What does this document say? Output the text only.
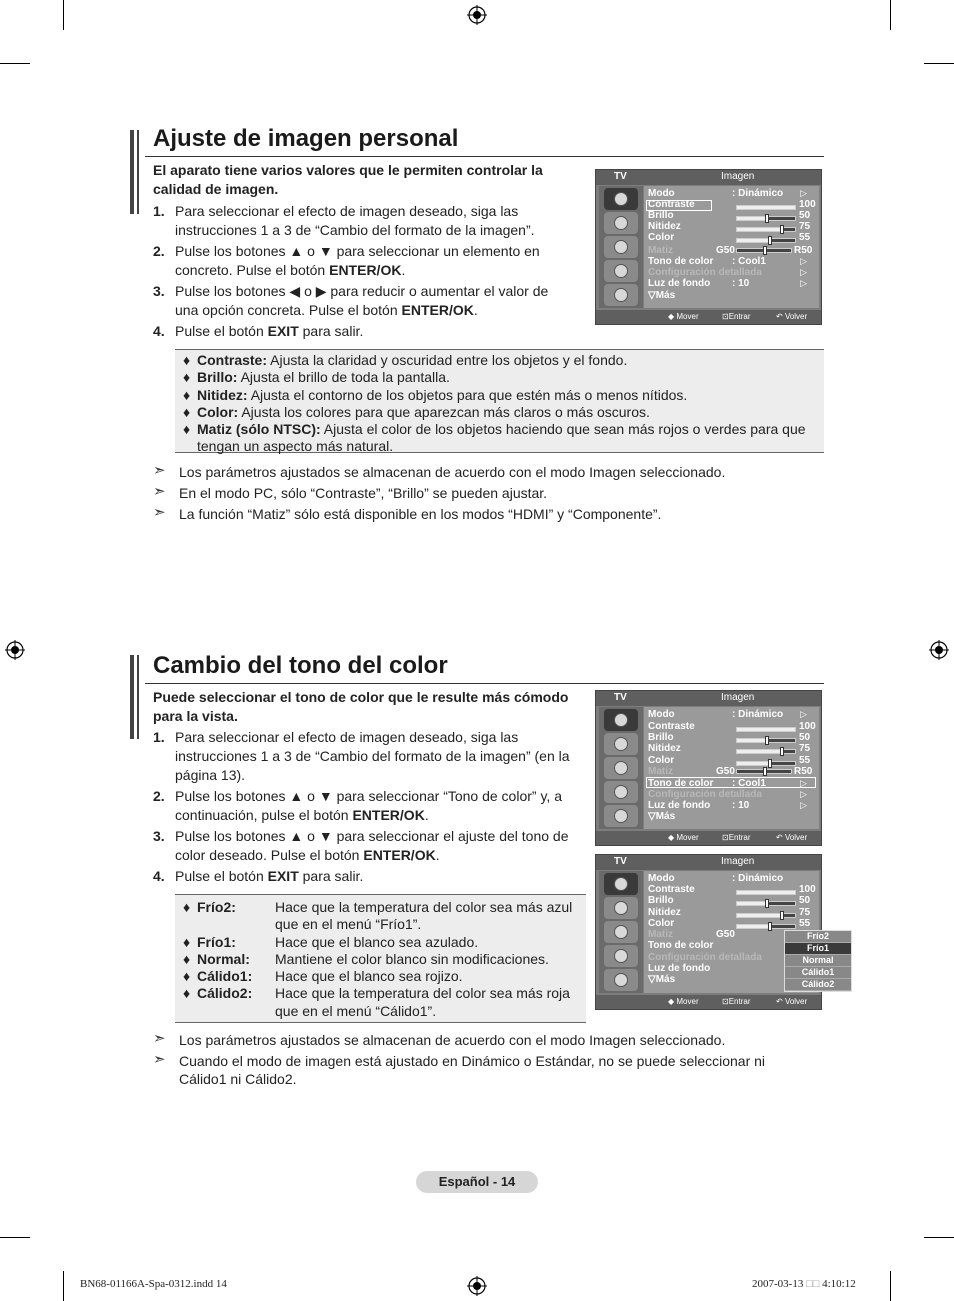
Ajuste de imagen personal
El aparato tiene varios valores que le permiten controlar la calidad de imagen.
1. Para seleccionar el efecto de imagen deseado, siga las instrucciones 1 a 3 de “Cambio del formato de la imagen”.
2. Pulse los botones ▲ o ▼ para seleccionar un elemento en concreto. Pulse el botón ENTER/OK.
3. Pulse los botones ◀ o ▶ para reducir o aumentar el valor de una opción concreta. Pulse el botón ENTER/OK.
4. Pulse el botón EXIT para salir.
TV	Imagen
Modo	: Dinámico ▷
Contraste	100
Brillo	50
Nitidez	75
Color	55
Matiz	G50	R50
Tono de color : Cool1	▷
Configuración detallada	▷
Luz de fondo : 10	▷
▽Más
◆ Mover	⊡Entrar	↶ Volver
♦ Contraste: Ajusta la claridad y oscuridad entre los objetos y el fondo.
♦ Brillo: Ajusta el brillo de toda la pantalla.
♦ Nitidez: Ajusta el contorno de los objetos para que estén más o menos nítidos.
♦ Color: Ajusta los colores para que aparezcan más claros o más oscuros.
♦ Matiz (sólo NTSC): Ajusta el color de los objetos haciendo que sean más rojos o verdes para que tengan un aspecto más natural.
➣ Los parámetros ajustados se almacenan de acuerdo con el modo Imagen seleccionado.
➣ En el modo PC, sólo “Contraste”, “Brillo” se pueden ajustar.
➣ La función “Matiz” sólo está disponible en los modos “HDMI” y “Componente”.
Cambio del tono del color
Puede seleccionar el tono de color que le resulte más cómodo para la vista.
1. Para seleccionar el efecto de imagen deseado, siga las instrucciones 1 a 3 de “Cambio del formato de la imagen” (en la página 13).
2. Pulse los botones ▲ o ▼ para seleccionar “Tono de color” y, a continuación, pulse el botón ENTER/OK.
3. Pulse los botones ▲ o ▼ para seleccionar el ajuste del tono de color deseado. Pulse el botón ENTER/OK.
4. Pulse el botón EXIT para salir.
TV	Imagen
Modo	: Dinámico ▷
Contraste	100
Brillo	50
Nitidez	75
Color	55
Matiz	G50	R50
Tono de color : Cool1	▷
Configuración detallada	▷
Luz de fondo : 10	▷
▽Más
◆ Mover	⊡Entrar	↶ Volver
TV	Imagen
Modo	: Dinámico
Contraste	100
Brillo	50
Nitidez	75
Color	55
Matiz	G50
Tono de color
Configuración detallada
Luz de fondo
▽Más
Frío2
Frío1
Normal
Cálido1
Cálido2
◆ Mover	⊡Entrar	↶ Volver
♦ Frío2:	Hace que la temperatura del color sea más azul que en el menú “Frío1”.
♦ Frío1:	Hace que el blanco sea azulado.
♦ Normal:	Mantiene el color blanco sin modificaciones.
♦ Cálido1:	Hace que el blanco sea rojizo.
♦ Cálido2:	Hace que la temperatura del color sea más roja que en el menú “Cálido1”.
➣ Los parámetros ajustados se almacenan de acuerdo con el modo Imagen seleccionado.
➣ Cuando el modo de imagen está ajustado en Dinámico o Estándar, no se puede seleccionar ni Cálido1 ni Cálido2.
Español - 14
BN68-01166A-Spa-0312.indd 14	2007-03-13 □□ 4:10:12
